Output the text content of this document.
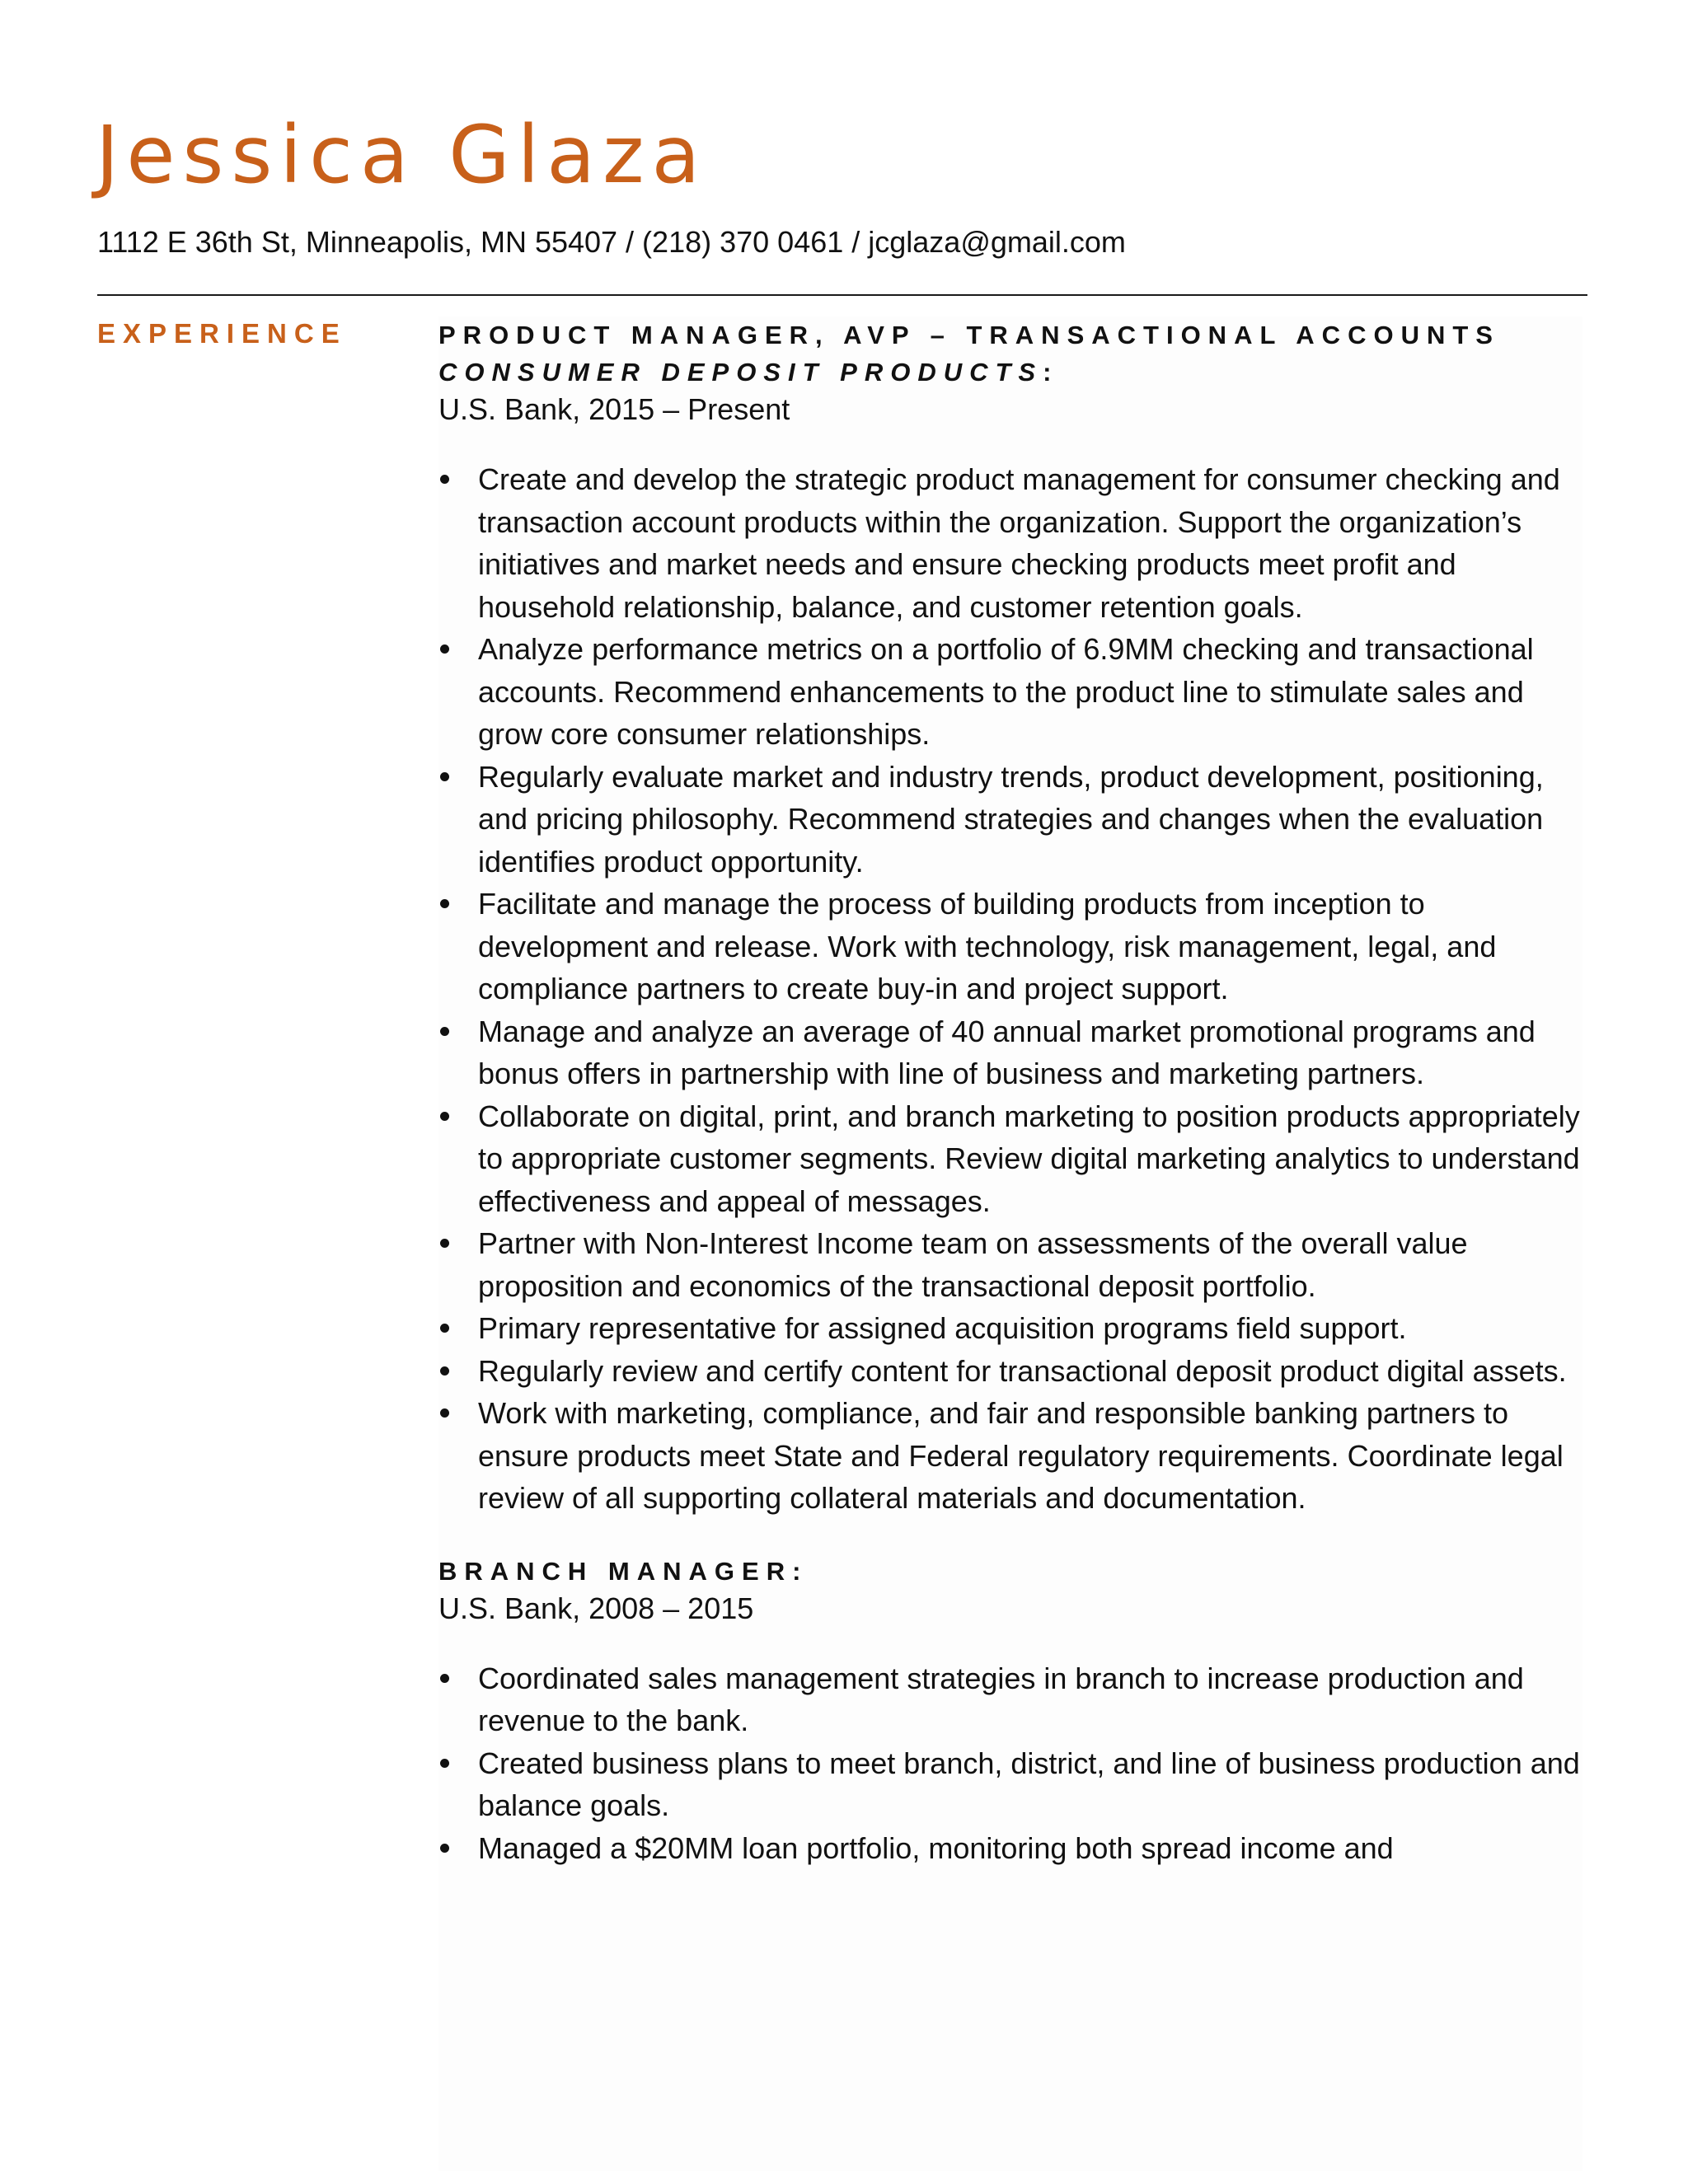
Jessica Glaza
1112 E 36th St, Minneapolis, MN 55407 / (218) 370 0461 / jcglaza@gmail.com
EXPERIENCE	PRODUCT MANAGER, AVP – TRANSACTIONAL ACCOUNTS
CONSUMER DEPOSIT PRODUCTS:
U.S. Bank, 2015 – Present
Create and develop the strategic product management for consumer checking and transaction account products within the organization. Support the organization’s initiatives and market needs and ensure checking products meet profit and household relationship, balance, and customer retention goals.
Analyze performance metrics on a portfolio of 6.9MM checking and transactional accounts. Recommend enhancements to the product line to stimulate sales and grow core consumer relationships.
Regularly evaluate market and industry trends, product development, positioning, and pricing philosophy. Recommend strategies and changes when the evaluation identifies product opportunity.
Facilitate and manage the process of building products from inception to development and release. Work with technology, risk management, legal, and compliance partners to create buy-in and project support.
Manage and analyze an average of 40 annual market promotional programs and bonus offers in partnership with line of business and marketing partners.
Collaborate on digital, print, and branch marketing to position products appropriately to appropriate customer segments. Review digital marketing analytics to understand effectiveness and appeal of messages.
Partner with Non-Interest Income team on assessments of the overall value proposition and economics of the transactional deposit portfolio.
Primary representative for assigned acquisition programs field support.
Regularly review and certify content for transactional deposit product digital assets.
Work with marketing, compliance, and fair and responsible banking partners to ensure products meet State and Federal regulatory requirements. Coordinate legal review of all supporting collateral materials and documentation.
BRANCH MANAGER:
U.S. Bank, 2008 – 2015
Coordinated sales management strategies in branch to increase production and revenue to the bank.
Created business plans to meet branch, district, and line of business production and balance goals.
Managed a $20MM loan portfolio, monitoring both spread income and
